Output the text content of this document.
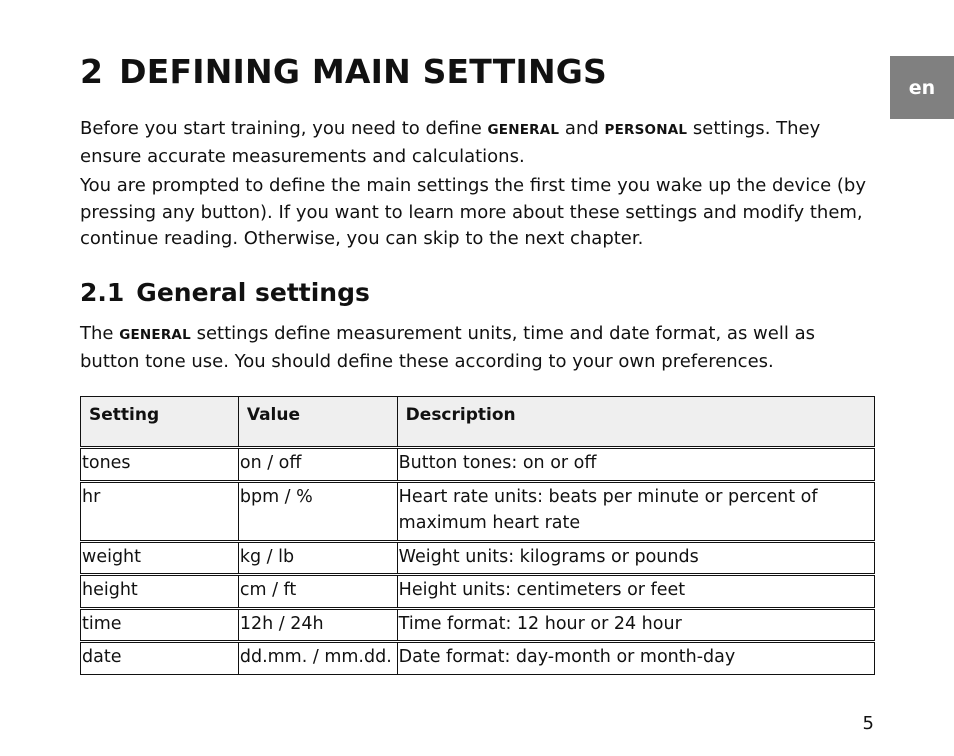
en
2 DEFINING MAIN SETTINGS

Before you start training, you need to define GENERAL and PERSONAL settings. They ensure accurate measurements and calculations.

You are prompted to define the main settings the first time you wake up the device (by pressing any button). If you want to learn more about these settings and modify them, continue reading. Otherwise, you can skip to the next chapter.

2.1 General settings

The GENERAL settings define measurement units, time and date format, as well as button tone use. You should define these according to your own preferences.

Setting	Value	Description

tones	on / off	Button tones: on or off

hr	bpm / %	Heart rate units: beats per minute or percent of maximum heart rate

weight	kg / lb	Weight units: kilograms or pounds

height	cm / ft	Height units: centimeters or feet

time	12h / 24h	Time format: 12 hour or 24 hour

date	dd.mm. / mm.dd.	Date format: day-month or month-day
5
